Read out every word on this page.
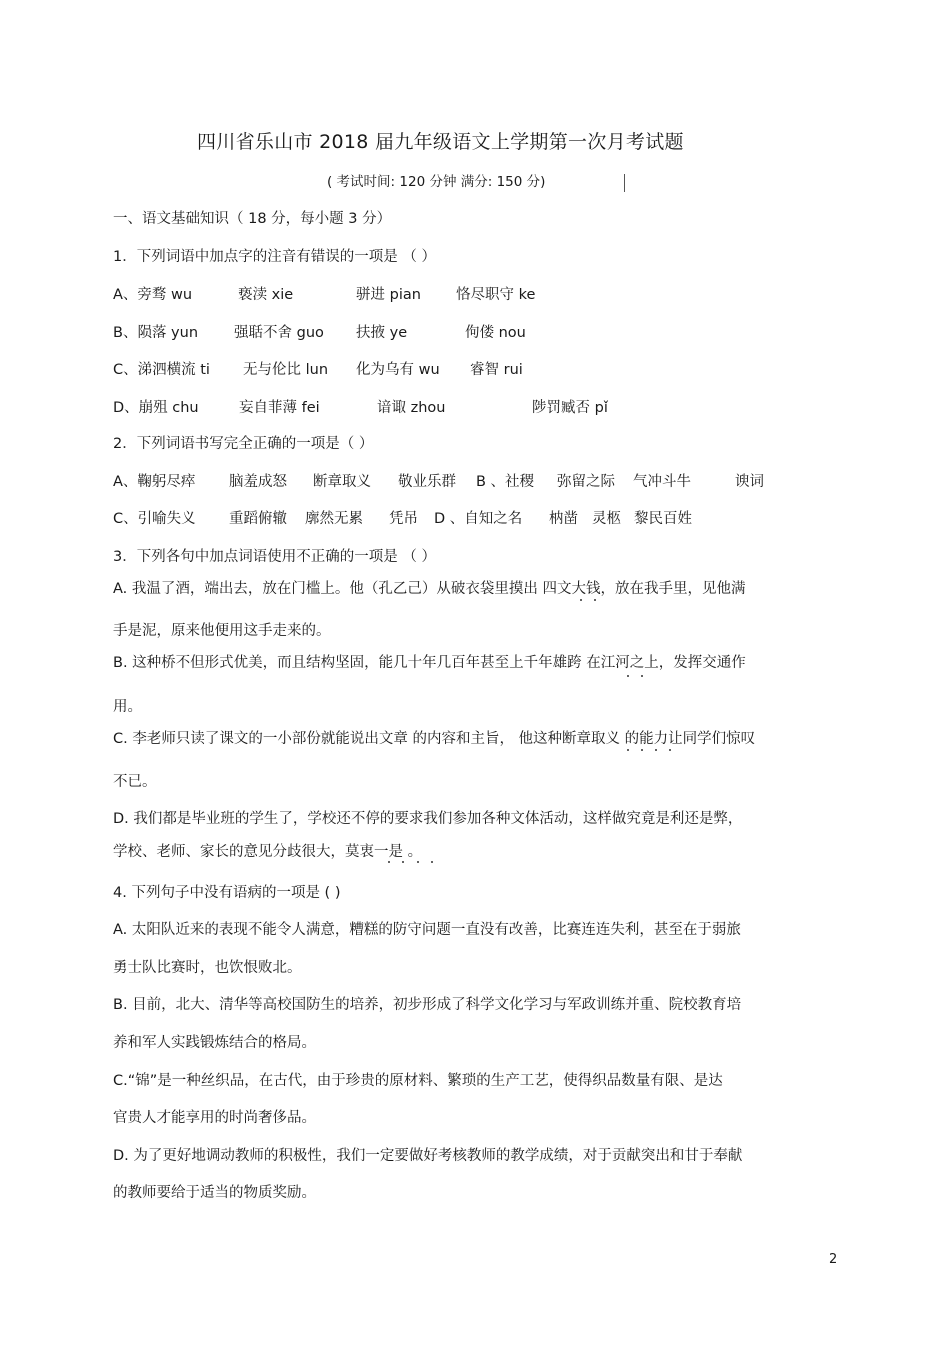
四川省乐山市 2018 届九年级语文上学期第一次月考试题
( 考试时间: 120 分钟 满分: 150 分)
一、语文基础知识（ 18 分，每小题 3 分）
1．下列词语中加点字的注音有错误的一项是 （ ）
A、旁骛 wu	亵渎 xie	骈进 pian 恪尽职守 ke
B、陨落 yun 强聒不舍 guo 扶掖 ye	佝偻 nou
C、涕泗横流 ti 无与伦比 lun 化为乌有 wu 睿智 rui
D、崩殂 chu	妄自菲薄 fei	谙诹 zhou	陟罚臧否 pǐ
2．下列词语书写完全正确的一项是（ ）
A、鞠躬尽瘁 脑羞成怒 断章取义 敬业乐群 B 、社稷 弥留之际 气冲斗牛	谀词
C、引喻失义 重蹈俯辙 廓然无累 凭吊 D 、自知之名 枘凿 灵柩 黎民百姓
3．下列各句中加点词语使用不正确的一项是 （ ）
A. 我温了酒，端出去，放在门槛上。他（孔乙己）从破衣袋里摸出 四文大钱，放在我手里，见他满
手是泥，原来他便用这手走来的。
B. 这种桥不但形式优美，而且结构坚固，能几十年几百年甚至上千年雄跨 在江河之上，发挥交通作
用。
C. 李老师只读了课文的一小部份就能说出文章 的内容和主旨， 他这种断章取义 的能力让同学们惊叹
不已。
D. 我们都是毕业班的学生了，学校还不停的要求我们参加各种文体活动，这样做究竟是利还是弊，
学校、老师、家长的意见分歧很大，莫衷一是 。
4. 下列句子中没有语病的一项是 ( )
A. 太阳队近来的表现不能令人满意，糟糕的防守问题一直没有改善，比赛连连失利，甚至在于弱旅
勇士队比赛时，也饮恨败北。
B. 目前，北大、清华等高校国防生的培养，初步形成了科学文化学习与军政训练并重、院校教育培
养和军人实践锻炼结合的格局。
C.“锦”是一种丝织品，在古代，由于珍贵的原材料、繁琐的生产工艺，使得织品数量有限、是达
官贵人才能享用的时尚奢侈品。
D. 为了更好地调动教师的积极性，我们一定要做好考核教师的教学成绩，对于贡献突出和甘于奉献
的教师要给于适当的物质奖励。
2
